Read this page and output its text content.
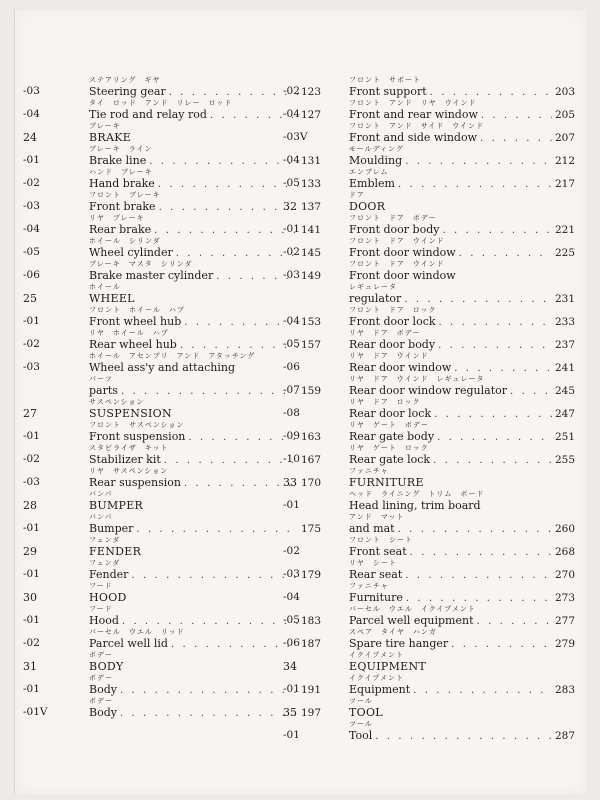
ステアリング　ギヤ
-03	Steering gear . . .	123
タイ　ロッド　アンド　リレー　ロッド
-04	Tie rod and relay rod . . .	127
ブレーキ
24	BRAKE
ブレーキ　ライン
-01	Brake line . . .	131
ハンド　ブレーキ
-02	Hand brake . . .	133
フロント　ブレーキ
-03	Front brake . . .	137
リヤ　ブレーキ
-04	Rear brake . . .	141
ホイール　シリンダ
-05	Wheel cylinder . . .	145
ブレーキ　マスタ　シリンダ
-06	Brake master cylinder . . .	149
ホイール
25	WHEEL
フロント　ホイール　ハブ
-01	Front wheel hub . . .	153
リヤ　ホイール　ハブ
-02	Rear wheel hub . . .	157
ホイール　アセンブリ　アンド　アタッチング
-03	Wheel ass'y and attaching
パーツ
parts . . .	159
サスペンション
27	SUSPENSION
フロント　サスペンション
-01	Front suspension . . .	163
スタビライザ　キット
-02	Stabilizer kit . . .	167
リヤ　サスペンション
-03	Rear suspension . . .	170
バンパ
28	BUMPER
バンパ
-01	Bumper . . .	175
フェンダ
29	FENDER
フェンダ
-01	Fender . . .	179
フード
30	HOOD
フード
-01	Hood . . .	183
パーセル　ウエル　リッド
-02	Parcel well lid . . .	187
ボデー
31	BODY
ボデー
-01	Body . . .	191
ボデー
-01V	Body . . .	197
フロント　サポート
-02	Front support . . .	203
フロント　アンド　リヤ　ウインド
-04	Front and rear window . . .	205
フロント　アンド　サイド　ウインド
-03V	Front and side window . . .	207
モールディング
-04	Moulding . . .	212
エンブレム
-05	Emblem . . .	217
ドア
32	DOOR
フロント　ドア　ボデー
-01	Front door body . . .	221
フロント　ドア　ウインド
-02	Front door window . . .	225
フロント　ドア　ウインド
-03	Front door window
レギュレータ
regulator . . .	231
フロント　ドア　ロック
-04	Front door lock . . .	233
リヤ　ドア　ボデー
-05	Rear door body . . .	237
リヤ　ドア　ウインド
-06	Rear door window . . .	241
リヤ　ドア　ウインド　レギュレータ
-07	Rear door window regulator . . .	245
リヤ　ドア　ロック
-08	Rear door lock . . .	247
リヤ　ゲート　ボデー
-09	Rear gate body . . .	251
リヤ　ゲート　ロック
-10	Rear gate lock . . .	255
ファニチャ
33	FURNITURE
ヘッド　ライニング　トリム　ボード
-01	Head lining, trim board
アンド　マット
and mat . . .	260
フロント　シート
-02	Front seat . . .	268
リヤ　シート
-03	Rear seat . . .	270
ファニチャ
-04	Furniture . . .	273
パーセル　ウエル　イクイプメント
-05	Parcel well equipment . . .	277
スペア　タイヤ　ハンガ
-06	Spare tire hanger . . .	279
イクイプメント
34	EQUIPMENT
イクイプメント
-01	Equipment . . .	283
ツール
35	TOOL
ツール
-01	Tool . . .	287
